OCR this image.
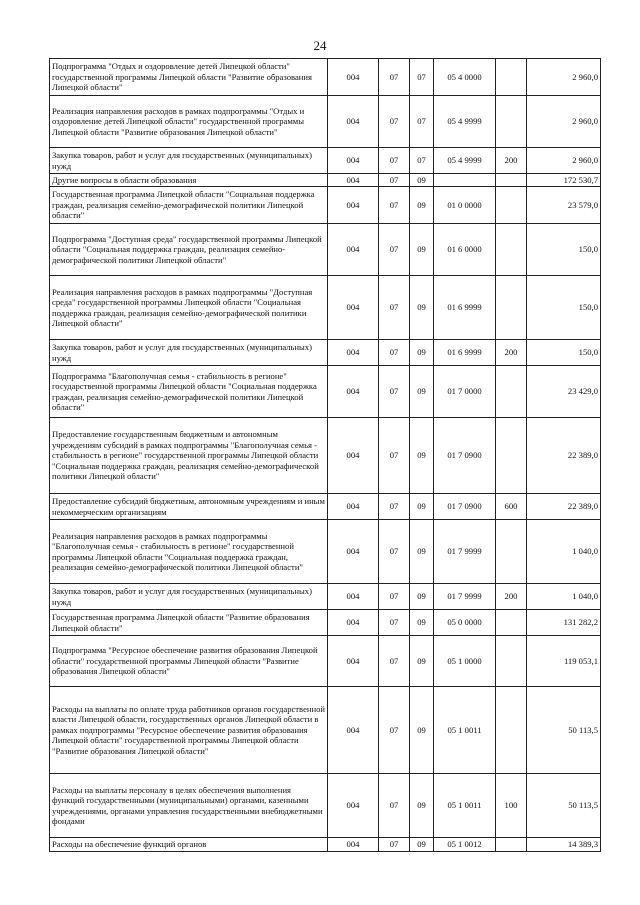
24
Подпрограмма "Отдых и оздоровление детей Липецкой области" государственной программы Липецкой области "Развитие образования Липецкой области"	004	07	07	05 4 0000		2 960,0
Реализация направления расходов в рамках подпрограммы "Отдых и оздоровление детей Липецкой области" государственной программы Липецкой области "Развитие образования Липецкой области"	004	07	07	05 4 9999		2 960,0
Закупка товаров, работ и услуг для государственных (муниципальных) нужд	004	07	07	05 4 9999	200	2 960,0
Другие вопросы в области образования	004	07	09			172 530,7
Государственная программа Липецкой области "Социальная поддержка граждан, реализация семейно-демографической политики Липецкой области"	004	07	09	01 0 0000		23 579,0
Подпрограмма "Доступная среда" государственной программы Липецкой области "Социальная поддержка граждан, реализация семейно-демографической политики Липецкой области"	004	07	09	01 6 0000		150,0
Реализация направления расходов в рамках подпрограммы "Доступная среда" государственной программы Липецкой области "Социальная поддержка граждан, реализация семейно-демографической политики Липецкой области"	004	07	09	01 6 9999		150,0
Закупка товаров, работ и услуг для государственных (муниципальных) нужд	004	07	09	01 6 9999	200	150,0
Подпрограмма "Благополучная семья - стабильность в регионе" государственной программы Липецкой области "Социальная поддержка граждан, реализация семейно-демографической политики Липецкой области"	004	07	09	01 7 0000		23 429,0
Предоставление государственным бюджетным и автономным учреждениям субсидий в рамках подпрограммы "Благополучная семья - стабильность в регионе" государственной программы Липецкой области "Социальная поддержка граждан, реализация семейно-демографической политики Липецкой области"	004	07	09	01 7 0900		22 389,0
Предоставление субсидий бюджетным, автономным учреждениям и иным некоммерческим организациям	004	07	09	01 7 0900	600	22 389,0
Реализация направления расходов в рамках подпрограммы "Благополучная семья - стабильность в регионе" государственной программы Липецкой области "Социальная поддержка граждан, реализация семейно-демографической политики Липецкой области"	004	07	09	01 7 9999		1 040,0
Закупка товаров, работ и услуг для государственных (муниципальных) нужд	004	07	09	01 7 9999	200	1 040,0
Государственная программа Липецкой области "Развитие образования Липецкой области"	004	07	09	05 0 0000		131 282,2
Подпрограмма "Ресурсное обеспечение развития образования Липецкой области" государственной программы Липецкой области "Развитие образования Липецкой области"	004	07	09	05 1 0000		119 053,1
Расходы на выплаты по оплате труда работников органов государственной власти Липецкой области, государственных органов Липецкой области в рамках подпрограммы "Ресурсное обеспечение развития образования Липецкой области" государственной программы Липецкой области "Развитие образования Липецкой области"	004	07	09	05 1 0011		50 113,5
Расходы на выплаты персоналу в целях обеспечения выполнения функций государственными (муниципальными) органами, казенными учреждениями, органами управления государственными внебюджетными фондами	004	07	09	05 1 0011	100	50 113,5
Расходы на обеспечение функций органов	004	07	09	05 1 0012		14 389,3
